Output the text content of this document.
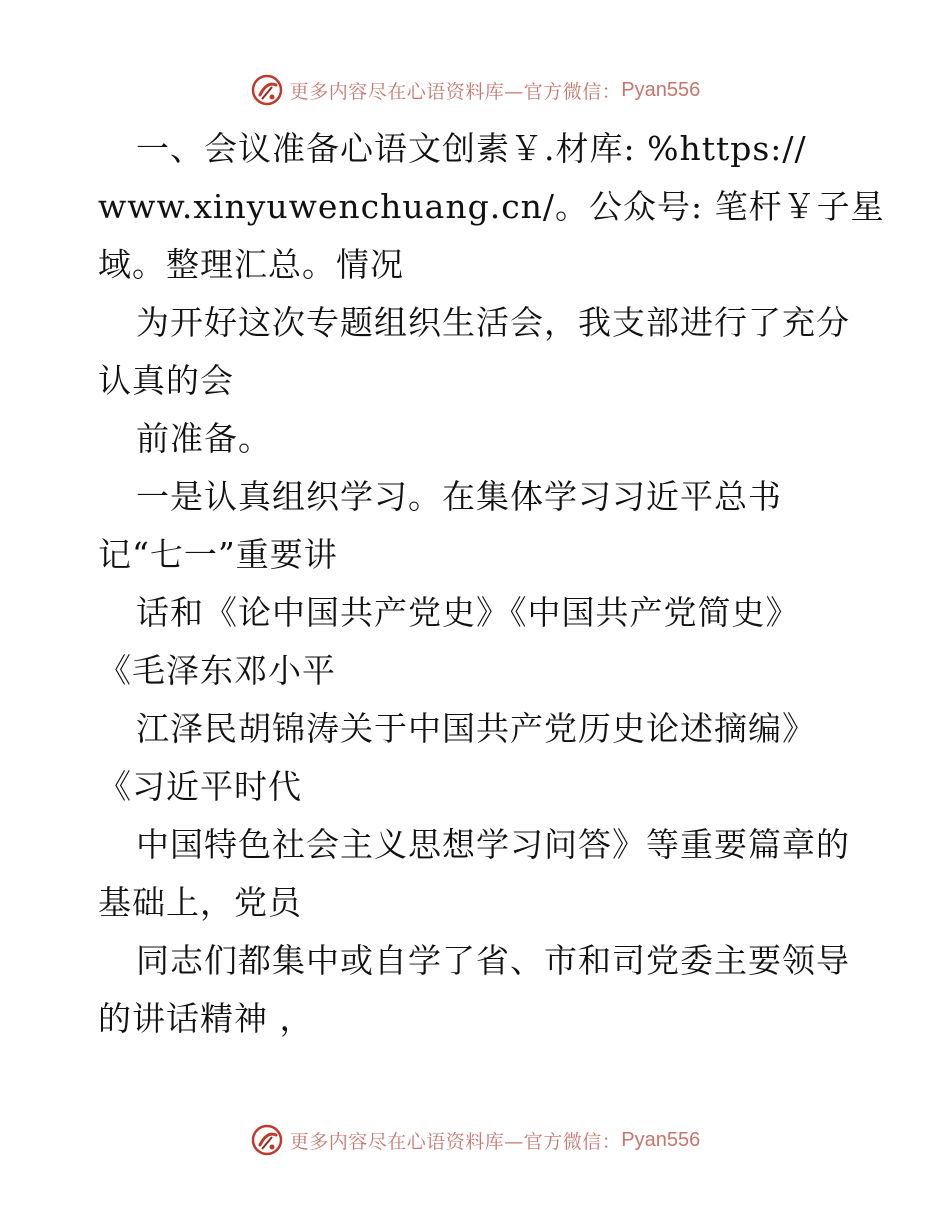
更多内容尽在心语资料库—官方微信： Pyan556
一、会议准备心语文创素￥.材库: %https://
www.xinyuwenchuang.cn/。公众号: 笔杆￥子星
域。整理汇总。情况
为开好这次专题组织生活会，我支部进行了充分
认真的会
前准备。
一是认真组织学习。在集体学习习近平总书
记“七一”重要讲
话和《论中国共产党史》《中国共产党简史》
《毛泽东邓小平
江泽民胡锦涛关于中国共产党历史论述摘编》
《习近平时代
中国特色社会主义思想学习问答》等重要篇章的
基础上，党员
同志们都集中或自学了省、市和司党委主要领导
的讲话精神 ，
更多内容尽在心语资料库—官方微信： Pyan556
